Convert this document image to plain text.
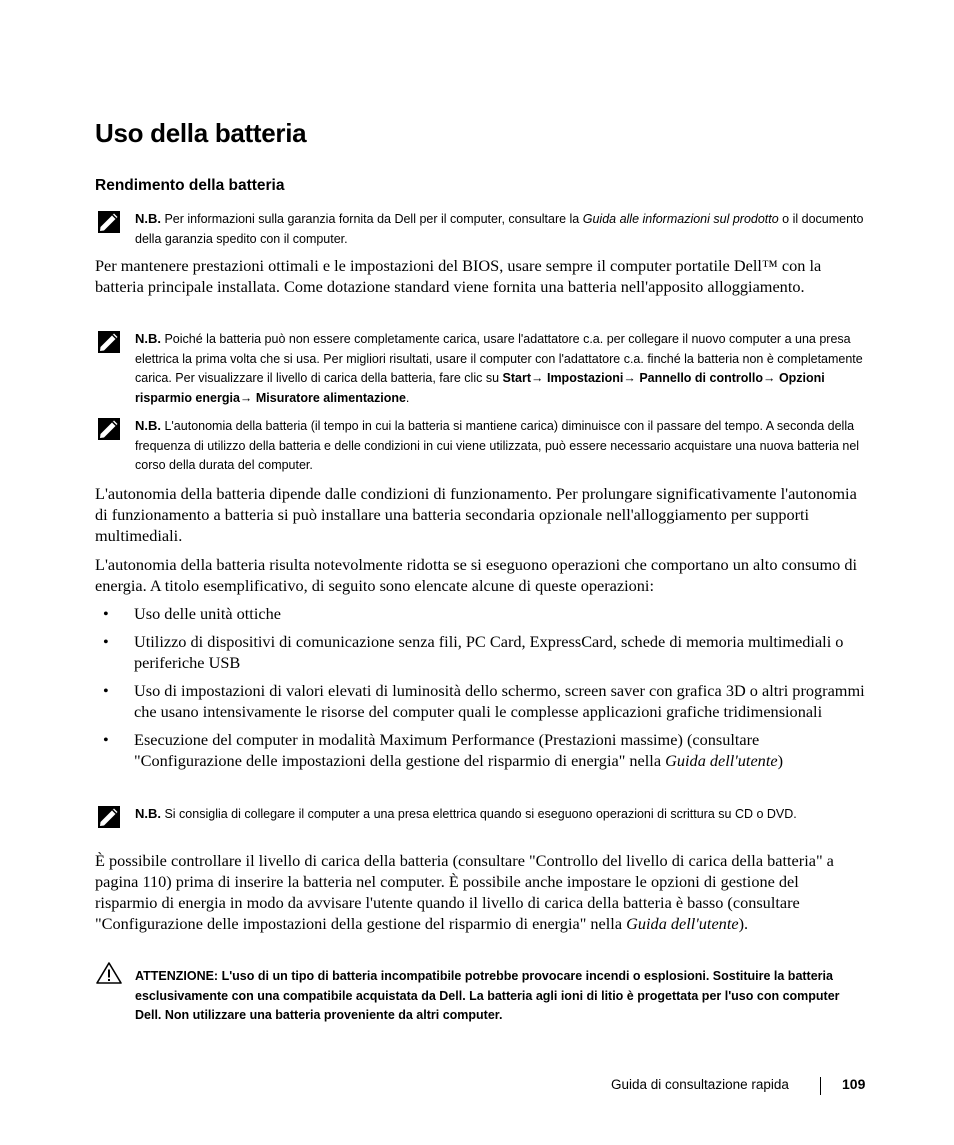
Uso della batteria
Rendimento della batteria
N.B. Per informazioni sulla garanzia fornita da Dell per il computer, consultare la Guida alle informazioni sul prodotto o il documento della garanzia spedito con il computer.

Per mantenere prestazioni ottimali e le impostazioni del BIOS, usare sempre il computer portatile Dell™ con la batteria principale installata. Come dotazione standard viene fornita una batteria nell'apposito alloggiamento.

N.B. Poiché la batteria può non essere completamente carica, usare l'adattatore c.a. per collegare il nuovo computer a una presa elettrica la prima volta che si usa. Per migliori risultati, usare il computer con l'adattatore c.a. finché la batteria non è completamente carica. Per visualizzare il livello di carica della batteria, fare clic su Start→ Impostazioni→ Pannello di controllo→ Opzioni risparmio energia→ Misuratore alimentazione.
N.B. L'autonomia della batteria (il tempo in cui la batteria si mantiene carica) diminuisce con il passare del tempo. A seconda della frequenza di utilizzo della batteria e delle condizioni in cui viene utilizzata, può essere necessario acquistare una nuova batteria nel corso della durata del computer.

L'autonomia della batteria dipende dalle condizioni di funzionamento. Per prolungare significativamente l'autonomia di funzionamento a batteria si può installare una batteria secondaria opzionale nell'alloggiamento per supporti multimediali.

L'autonomia della batteria risulta notevolmente ridotta se si eseguono operazioni che comportano un alto consumo di energia. A titolo esemplificativo, di seguito sono elencate alcune di queste operazioni:

• Uso delle unità ottiche
• Utilizzo di dispositivi di comunicazione senza fili, PC Card, ExpressCard, schede di memoria multimediali o periferiche USB
• Uso di impostazioni di valori elevati di luminosità dello schermo, screen saver con grafica 3D o altri programmi che usano intensivamente le risorse del computer quali le complesse applicazioni grafiche tridimensionali
• Esecuzione del computer in modalità Maximum Performance (Prestazioni massime) (consultare "Configurazione delle impostazioni della gestione del risparmio di energia" nella Guida dell'utente)
N.B. Si consiglia di collegare il computer a una presa elettrica quando si eseguono operazioni di scrittura su CD o DVD.

È possibile controllare il livello di carica della batteria (consultare "Controllo del livello di carica della batteria" a pagina 110) prima di inserire la batteria nel computer. È possibile anche impostare le opzioni di gestione del risparmio di energia in modo da avvisare l'utente quando il livello di carica della batteria è basso (consultare "Configurazione delle impostazioni della gestione del risparmio di energia" nella Guida dell'utente).

ATTENZIONE: L'uso di un tipo di batteria incompatibile potrebbe provocare incendi o esplosioni. Sostituire la batteria esclusivamente con una compatibile acquistata da Dell. La batteria agli ioni di litio è progettata per l'uso con computer Dell. Non utilizzare una batteria proveniente da altri computer.
Guida di consultazione rapida	109
